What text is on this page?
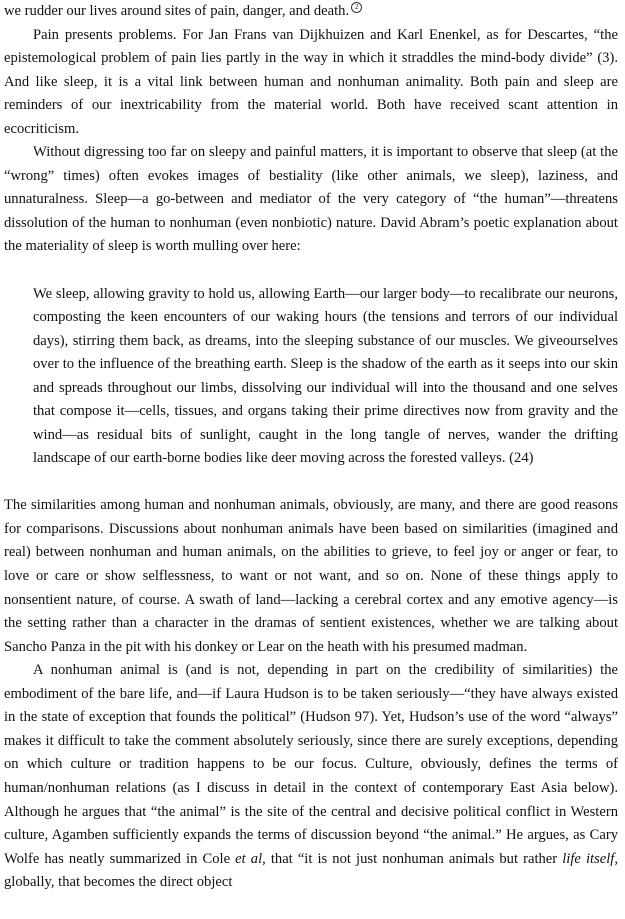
we rudder our lives around sites of pain, danger, and death. 2

Pain presents problems. For Jan Frans van Dijkhuizen and Karl Enenkel, as for Descartes, “the epistemological problem of pain lies partly in the way in which it straddles the mind-body divide” (3). And like sleep, it is a vital link between human and nonhuman animality. Both pain and sleep are reminders of our inextricability from the material world. Both have received scant attention in ecocriticism.

Without digressing too far on sleepy and painful matters, it is important to observe that sleep (at the “wrong” times) often evokes images of bestiality (like other animals, we sleep), laziness, and unnaturalness. Sleep—a go-between and mediator of the very category of “the human”—threatens dissolution of the human to nonhuman (even nonbiotic) nature. David Abram’s poetic explanation about the materiality of sleep is worth mulling over here:

We sleep, allowing gravity to hold us, allowing Earth—our larger body—to recalibrate our neurons, composting the keen encounters of our waking hours (the tensions and terrors of our individual days), stirring them back, as dreams, into the sleeping substance of our muscles. We giveourselves over to the influence of the breathing earth. Sleep is the shadow of the earth as it seeps into our skin and spreads throughout our limbs, dissolving our individual will into the thousand and one selves that compose it—cells, tissues, and organs taking their prime directives now from gravity and the wind—as residual bits of sunlight, caught in the long tangle of nerves, wander the drifting landscape of our earth-borne bodies like deer moving across the forested valleys. (24)

The similarities among human and nonhuman animals, obviously, are many, and there are good reasons for comparisons. Discussions about nonhuman animals have been based on similarities (imagined and real) between nonhuman and human animals, on the abilities to grieve, to feel joy or anger or fear, to love or care or show selflessness, to want or not want, and so on. None of these things apply to nonsentient nature, of course. A swath of land—lacking a cerebral cortex and any emotive agency—is the setting rather than a character in the dramas of sentient existences, whether we are talking about Sancho Panza in the pit with his donkey or Lear on the heath with his presumed madman.

A nonhuman animal is (and is not, depending in part on the credibility of similarities) the embodiment of the bare life, and—if Laura Hudson is to be taken seriously—“they have always existed in the state of exception that founds the political” (Hudson 97). Yet, Hudson’s use of the word “always” makes it difficult to take the comment absolutely seriously, since there are surely exceptions, depending on which culture or tradition happens to be our focus. Culture, obviously, defines the terms of human/nonhuman relations (as I discuss in detail in the context of contemporary East Asia below). Although he argues that “the animal” is the site of the central and decisive political conflict in Western culture, Agamben sufficiently expands the terms of discussion beyond “the animal.” He argues, as Cary Wolfe has neatly summarized in Cole et al, that “it is not just nonhuman animals but rather life itself, globally, that becomes the direct object
